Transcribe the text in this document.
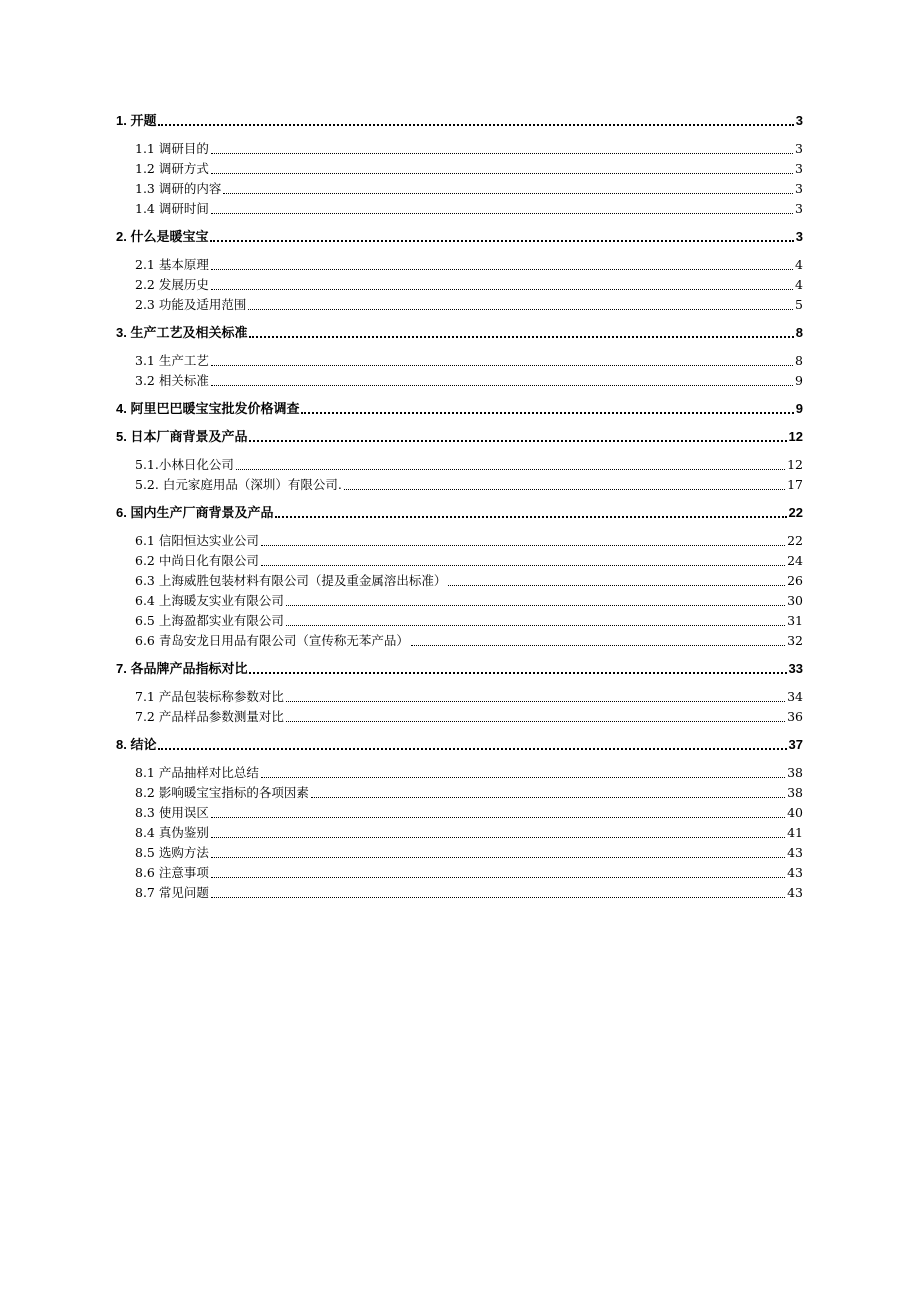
1. 开题	3
1.1 调研目的	3
1.2 调研方式	3
1.3 调研的内容	3
1.4 调研时间	3
2. 什么是暖宝宝	3
2.1 基本原理	4
2.2 发展历史	4
2.3 功能及适用范围	5
3. 生产工艺及相关标准	8
3.1 生产工艺	8
3.2 相关标准	9
4. 阿里巴巴暖宝宝批发价格调查	9
5. 日本厂商背景及产品	12
5.1.小林日化公司	12
5.2. 白元家庭用品（深圳）有限公司.	17
6. 国内生产厂商背景及产品	22
6.1 信阳恒达实业公司	22
6.2 中尚日化有限公司	24
6.3 上海威胜包装材料有限公司（提及重金属溶出标准）	26
6.4 上海暖友实业有限公司	30
6.5 上海盈都实业有限公司	31
6.6 青岛安龙日用品有限公司（宣传称无苯产品）	32
7. 各品牌产品指标对比	33
7.1 产品包装标称参数对比	34
7.2 产品样品参数测量对比	36
8. 结论	37
8.1 产品抽样对比总结	38
8.2 影响暖宝宝指标的各项因素	38
8.3 使用误区	40
8.4 真伪鉴别	41
8.5 选购方法	43
8.6 注意事项	43
8.7 常见问题	43
